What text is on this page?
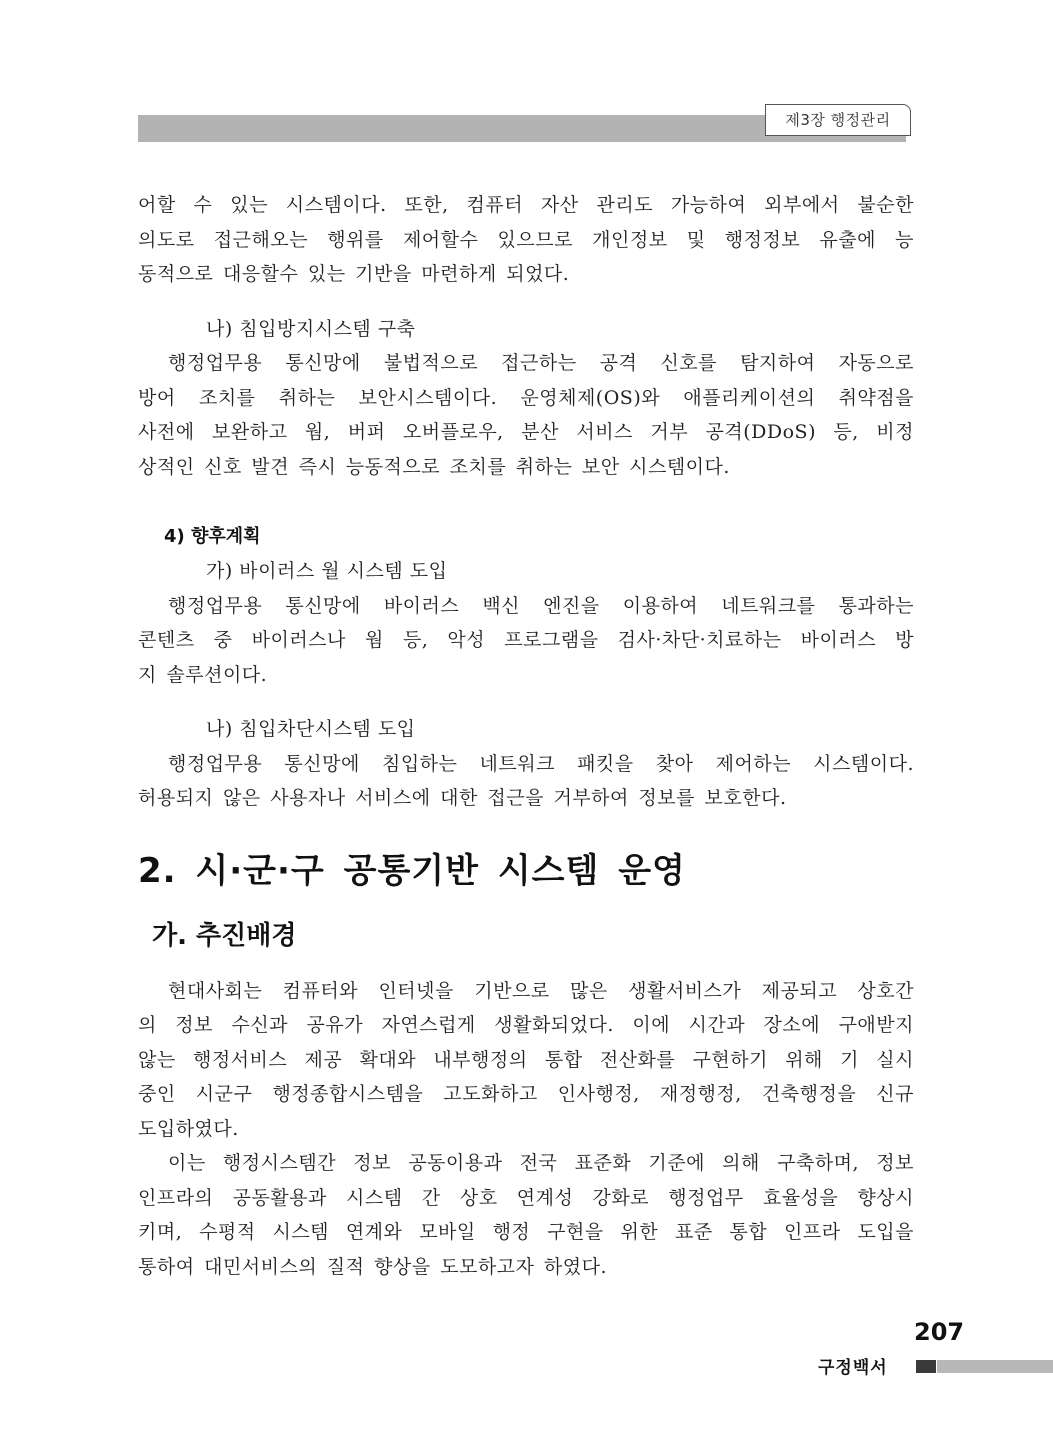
제3장 행정관리

어할 수 있는 시스템이다. 또한, 컴퓨터 자산 관리도 가능하여 외부에서 불순한

의도로 접근해오는 행위를 제어할수 있으므로 개인정보 및 행정정보 유출에 능

동적으로 대응할수 있는 기반을 마련하게 되었다.

나) 침입방지시스템 구축

행정업무용 통신망에 불법적으로 접근하는 공격 신호를 탐지하여 자동으로

방어 조치를 취하는 보안시스템이다. 운영체제(OS)와 애플리케이션의 취약점을

사전에 보완하고 웜, 버퍼 오버플로우, 분산 서비스 거부 공격(DDoS) 등, 비정

상적인 신호 발견 즉시 능동적으로 조치를 취하는 보안 시스템이다.

4) 향후계획

가) 바이러스 월 시스템 도입

행정업무용 통신망에 바이러스 백신 엔진을 이용하여 네트워크를 통과하는

콘텐츠 중 바이러스나 웜 등, 악성 프로그램을 검사·차단·치료하는 바이러스 방

지 솔루션이다.

나) 침입차단시스템 도입

행정업무용 통신망에 침입하는 네트워크 패킷을 찾아 제어하는 시스템이다.

허용되지 않은 사용자나 서비스에 대한 접근을 거부하여 정보를 보호한다.

2. 시·군·구 공통기반 시스템 운영

가. 추진배경

현대사회는 컴퓨터와 인터넷을 기반으로 많은 생활서비스가 제공되고 상호간

의 정보 수신과 공유가 자연스럽게 생활화되었다. 이에 시간과 장소에 구애받지

않는 행정서비스 제공 확대와 내부행정의 통합 전산화를 구현하기 위해 기 실시

중인 시군구 행정종합시스템을 고도화하고 인사행정, 재정행정, 건축행정을 신규

도입하였다.

이는 행정시스템간 정보 공동이용과 전국 표준화 기준에 의해 구축하며, 정보

인프라의 공동활용과 시스템 간 상호 연계성 강화로 행정업무 효율성을 향상시

키며, 수평적 시스템 연계와 모바일 행정 구현을 위한 표준 통합 인프라 도입을

통하여 대민서비스의 질적 향상을 도모하고자 하였다.

207
구정백서
